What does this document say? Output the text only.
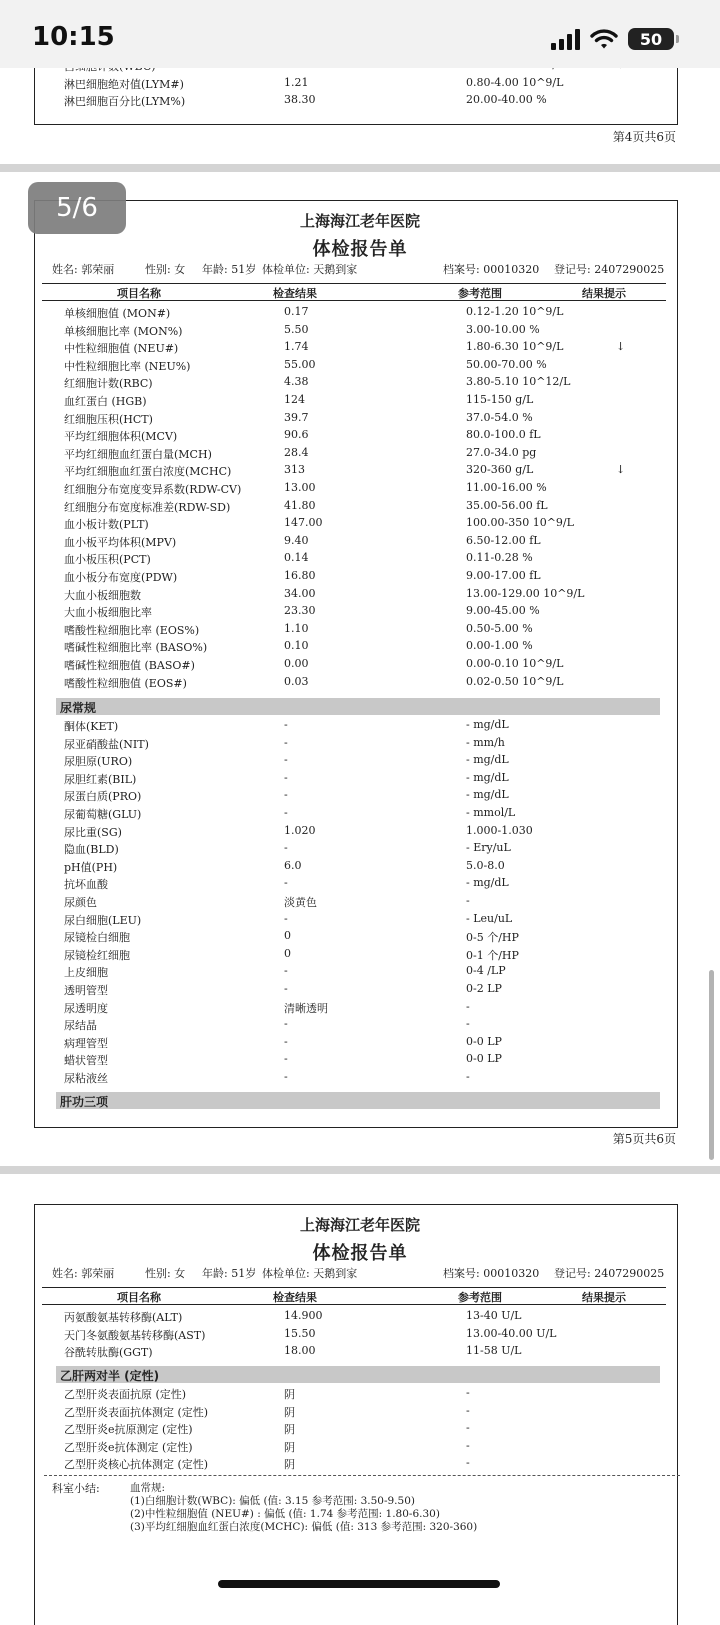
10:15	50
淋巴细胞绝对值(LYM#)	1.21	0.80-4.00 10^9/L
淋巴细胞百分比(LYM%)	38.30	20.00-40.00 %
第4页共6页
5/6	上海海江老年医院
体检报告单
姓名: 郭荣丽	性别: 女 年龄: 51岁 体检单位: 天鹅到家	档案号: 00010320 登记号: 2407290025
项目名称	检查结果	参考范围	结果提示
单核细胞值 (MON#)	0.17	0.12-1.20 10^9/L
单核细胞比率 (MON%)	5.50	3.00-10.00 %
中性粒细胞值 (NEU#)	1.74	1.80-6.30 10^9/L	↓
中性粒细胞比率 (NEU%)	55.00	50.00-70.00 %
红细胞计数(RBC)	4.38	3.80-5.10 10^12/L
血红蛋白 (HGB)	124	115-150 g/L
红细胞压积(HCT)	39.7	37.0-54.0 %
平均红细胞体积(MCV)	90.6	80.0-100.0 fL
平均红细胞血红蛋白量(MCH)	28.4	27.0-34.0 pg
平均红细胞血红蛋白浓度(MCHC)	313	320-360 g/L	↓
红细胞分布宽度变异系数(RDW-CV)	13.00	11.00-16.00 %
红细胞分布宽度标准差(RDW-SD)	41.80	35.00-56.00 fL
血小板计数(PLT)	147.00	100.00-350 10^9/L
血小板平均体积(MPV)	9.40	6.50-12.00 fL
血小板压积(PCT)	0.14	0.11-0.28 %
血小板分布宽度(PDW)	16.80	9.00-17.00 fL
大血小板细胞数	34.00	13.00-129.00 10^9/L
大血小板细胞比率	23.30	9.00-45.00 %
嗜酸性粒细胞比率 (EOS%)	1.10	0.50-5.00 %
嗜碱性粒细胞比率 (BASO%)	0.10	0.00-1.00 %
嗜碱性粒细胞值 (BASO#)	0.00	0.00-0.10 10^9/L
嗜酸性粒细胞值 (EOS#)	0.03	0.02-0.50 10^9/L
尿常规
酮体(KET)	-	- mg/dL
尿亚硝酸盐(NIT)	-	- mm/h
尿胆原(URO)	-	- mg/dL
尿胆红素(BIL)	-	- mg/dL
尿蛋白质(PRO)	-	- mg/dL
尿葡萄糖(GLU)	-	- mmol/L
尿比重(SG)	1.020	1.000-1.030
隐血(BLD)	-	- Ery/uL
pH值(PH)	6.0	5.0-8.0
抗坏血酸	-	- mg/dL
尿颜色	淡黄色	-
尿白细胞(LEU)	-	- Leu/uL
尿镜检白细胞	0	0-5 个/HP
尿镜检红细胞	0	0-1 个/HP
上皮细胞	-	0-4 /LP
透明管型	-	0-2 LP
尿透明度	清晰透明	-
尿结晶	-	-
病理管型	-	0-0 LP
蜡状管型	-	0-0 LP
尿粘液丝	-	-
肝功三项
第5页共6页
上海海江老年医院
体检报告单
姓名: 郭荣丽	性别: 女 年龄: 51岁 体检单位: 天鹅到家	档案号: 00010320 登记号: 2407290025
项目名称	检查结果	参考范围	结果提示
丙氨酸氨基转移酶(ALT)	14.900	13-40 U/L
天门冬氨酸氨基转移酶(AST)	15.50	13.00-40.00 U/L
谷酰转肽酶(GGT)	18.00	11-58 U/L
乙肝两对半 (定性)
乙型肝炎表面抗原 (定性)	阴	-
乙型肝炎表面抗体测定 (定性)	阴	-
乙型肝炎e抗原测定 (定性)	阴	-
乙型肝炎e抗体测定 (定性)	阴	-
乙型肝炎核心抗体测定 (定性)	阴	-
科室小结:	血常规:
(1)白细胞计数(WBC): 偏低 (值: 3.15 参考范围: 3.50-9.50)
(2)中性粒细胞值 (NEU#) : 偏低 (值: 1.74 参考范围: 1.80-6.30)
(3)平均红细胞血红蛋白浓度(MCHC): 偏低 (值: 313 参考范围: 320-360)
